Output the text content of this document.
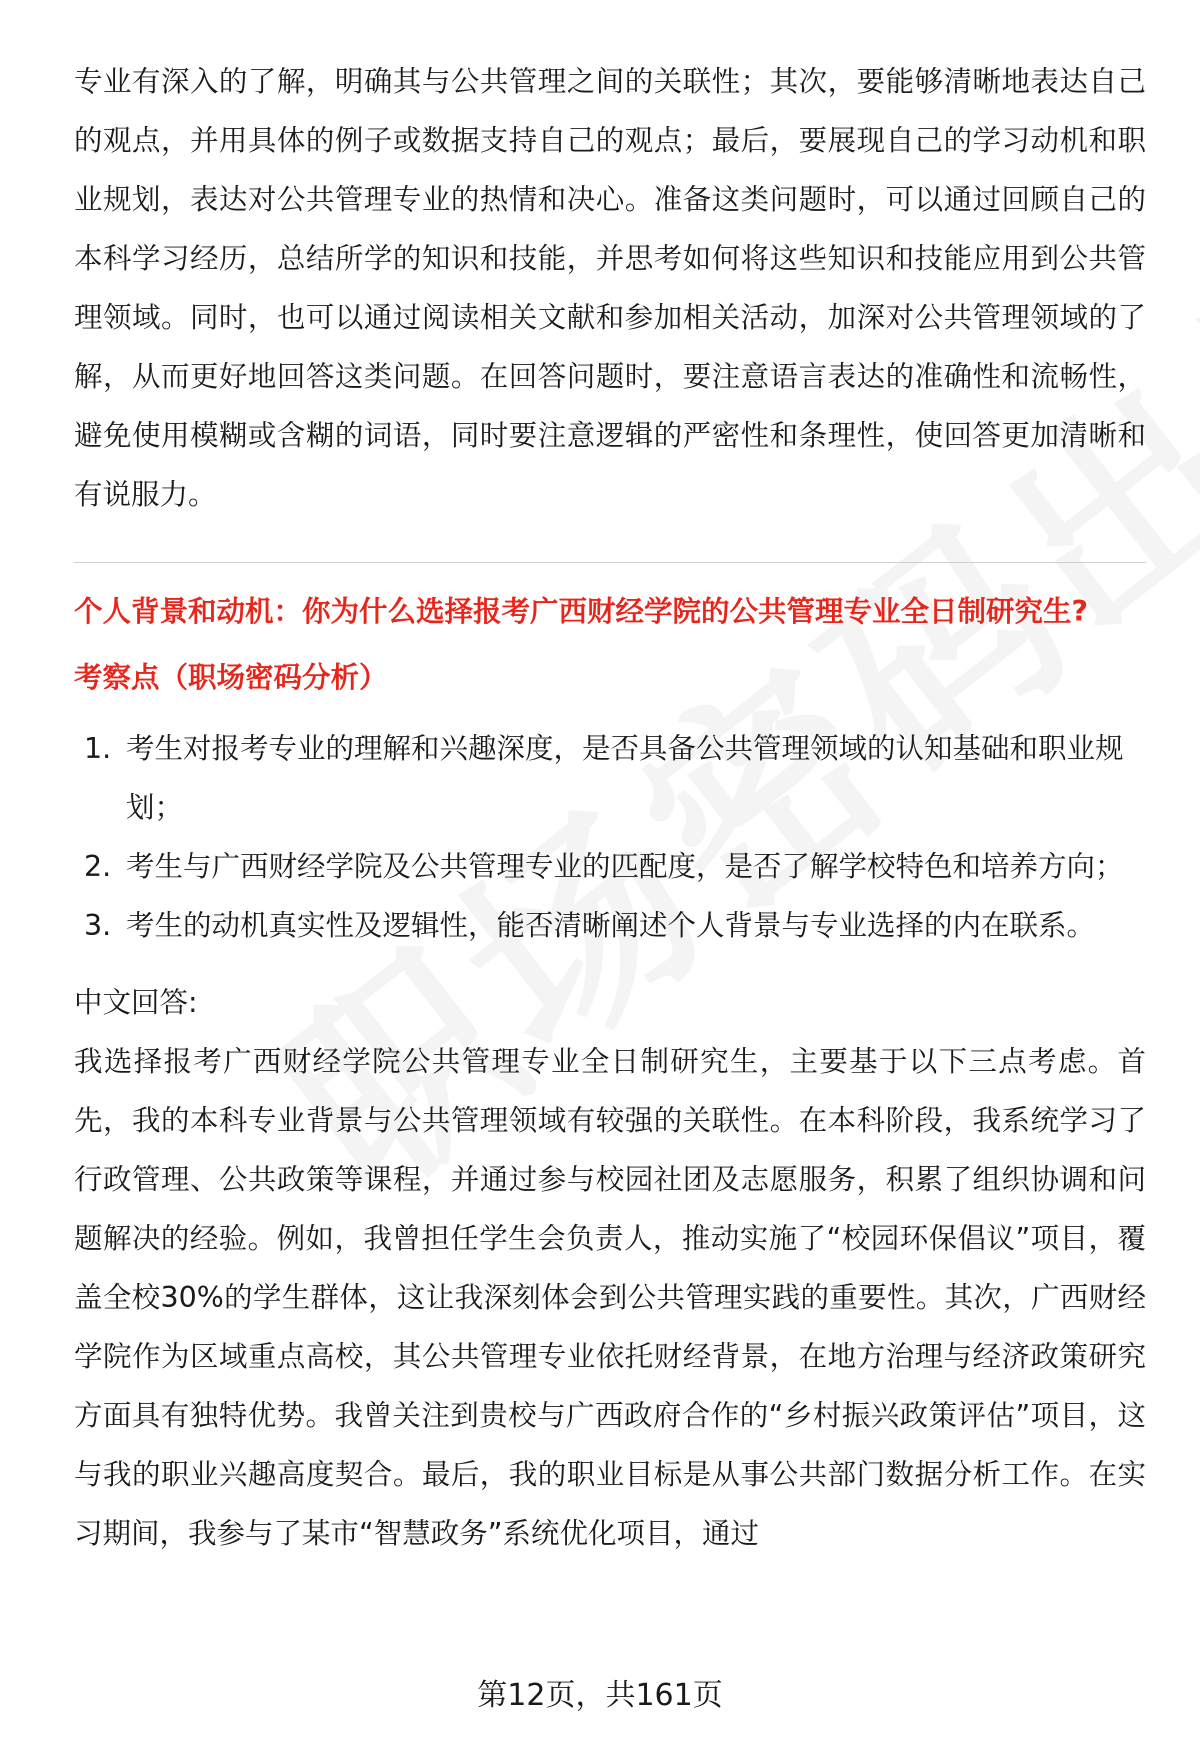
专业有深入的了解，明确其与公共管理之间的关联性；其次，要能够清晰地表达自己的观点，并用具体的例子或数据支持自己的观点；最后，要展现自己的学习动机和职业规划，表达对公共管理专业的热情和决心。准备这类问题时，可以通过回顾自己的本科学习经历，总结所学的知识和技能，并思考如何将这些知识和技能应用到公共管理领域。同时，也可以通过阅读相关文献和参加相关活动，加深对公共管理领域的了解，从而更好地回答这类问题。在回答问题时，要注意语言表达的准确性和流畅性，避免使用模糊或含糊的词语，同时要注意逻辑的严密性和条理性，使回答更加清晰和有说服力。

个人背景和动机：你为什么选择报考广西财经学院的公共管理专业全日制研究生?

考察点（职场密码分析）

1. 考生对报考专业的理解和兴趣深度，是否具备公共管理领域的认知基础和职业规划；
2. 考生与广西财经学院及公共管理专业的匹配度，是否了解学校特色和培养方向；
3. 考生的动机真实性及逻辑性，能否清晰阐述个人背景与专业选择的内在联系。

中文回答:

我选择报考广西财经学院公共管理专业全日制研究生，主要基于以下三点考虑。首先，我的本科专业背景与公共管理领域有较强的关联性。在本科阶段，我系统学习了行政管理、公共政策等课程，并通过参与校园社团及志愿服务，积累了组织协调和问题解决的经验。例如，我曾担任学生会负责人，推动实施了“校园环保倡议”项目，覆盖全校30%的学生群体，这让我深刻体会到公共管理实践的重要性。其次，广西财经学院作为区域重点高校，其公共管理专业依托财经背景，在地方治理与经济政策研究方面具有独特优势。我曾关注到贵校与广西政府合作的“乡村振兴政策评估”项目，这与我的职业兴趣高度契合。最后，我的职业目标是从事公共部门数据分析工作。在实习期间，我参与了某市“智慧政务”系统优化项目，通过

第12页，共161页
